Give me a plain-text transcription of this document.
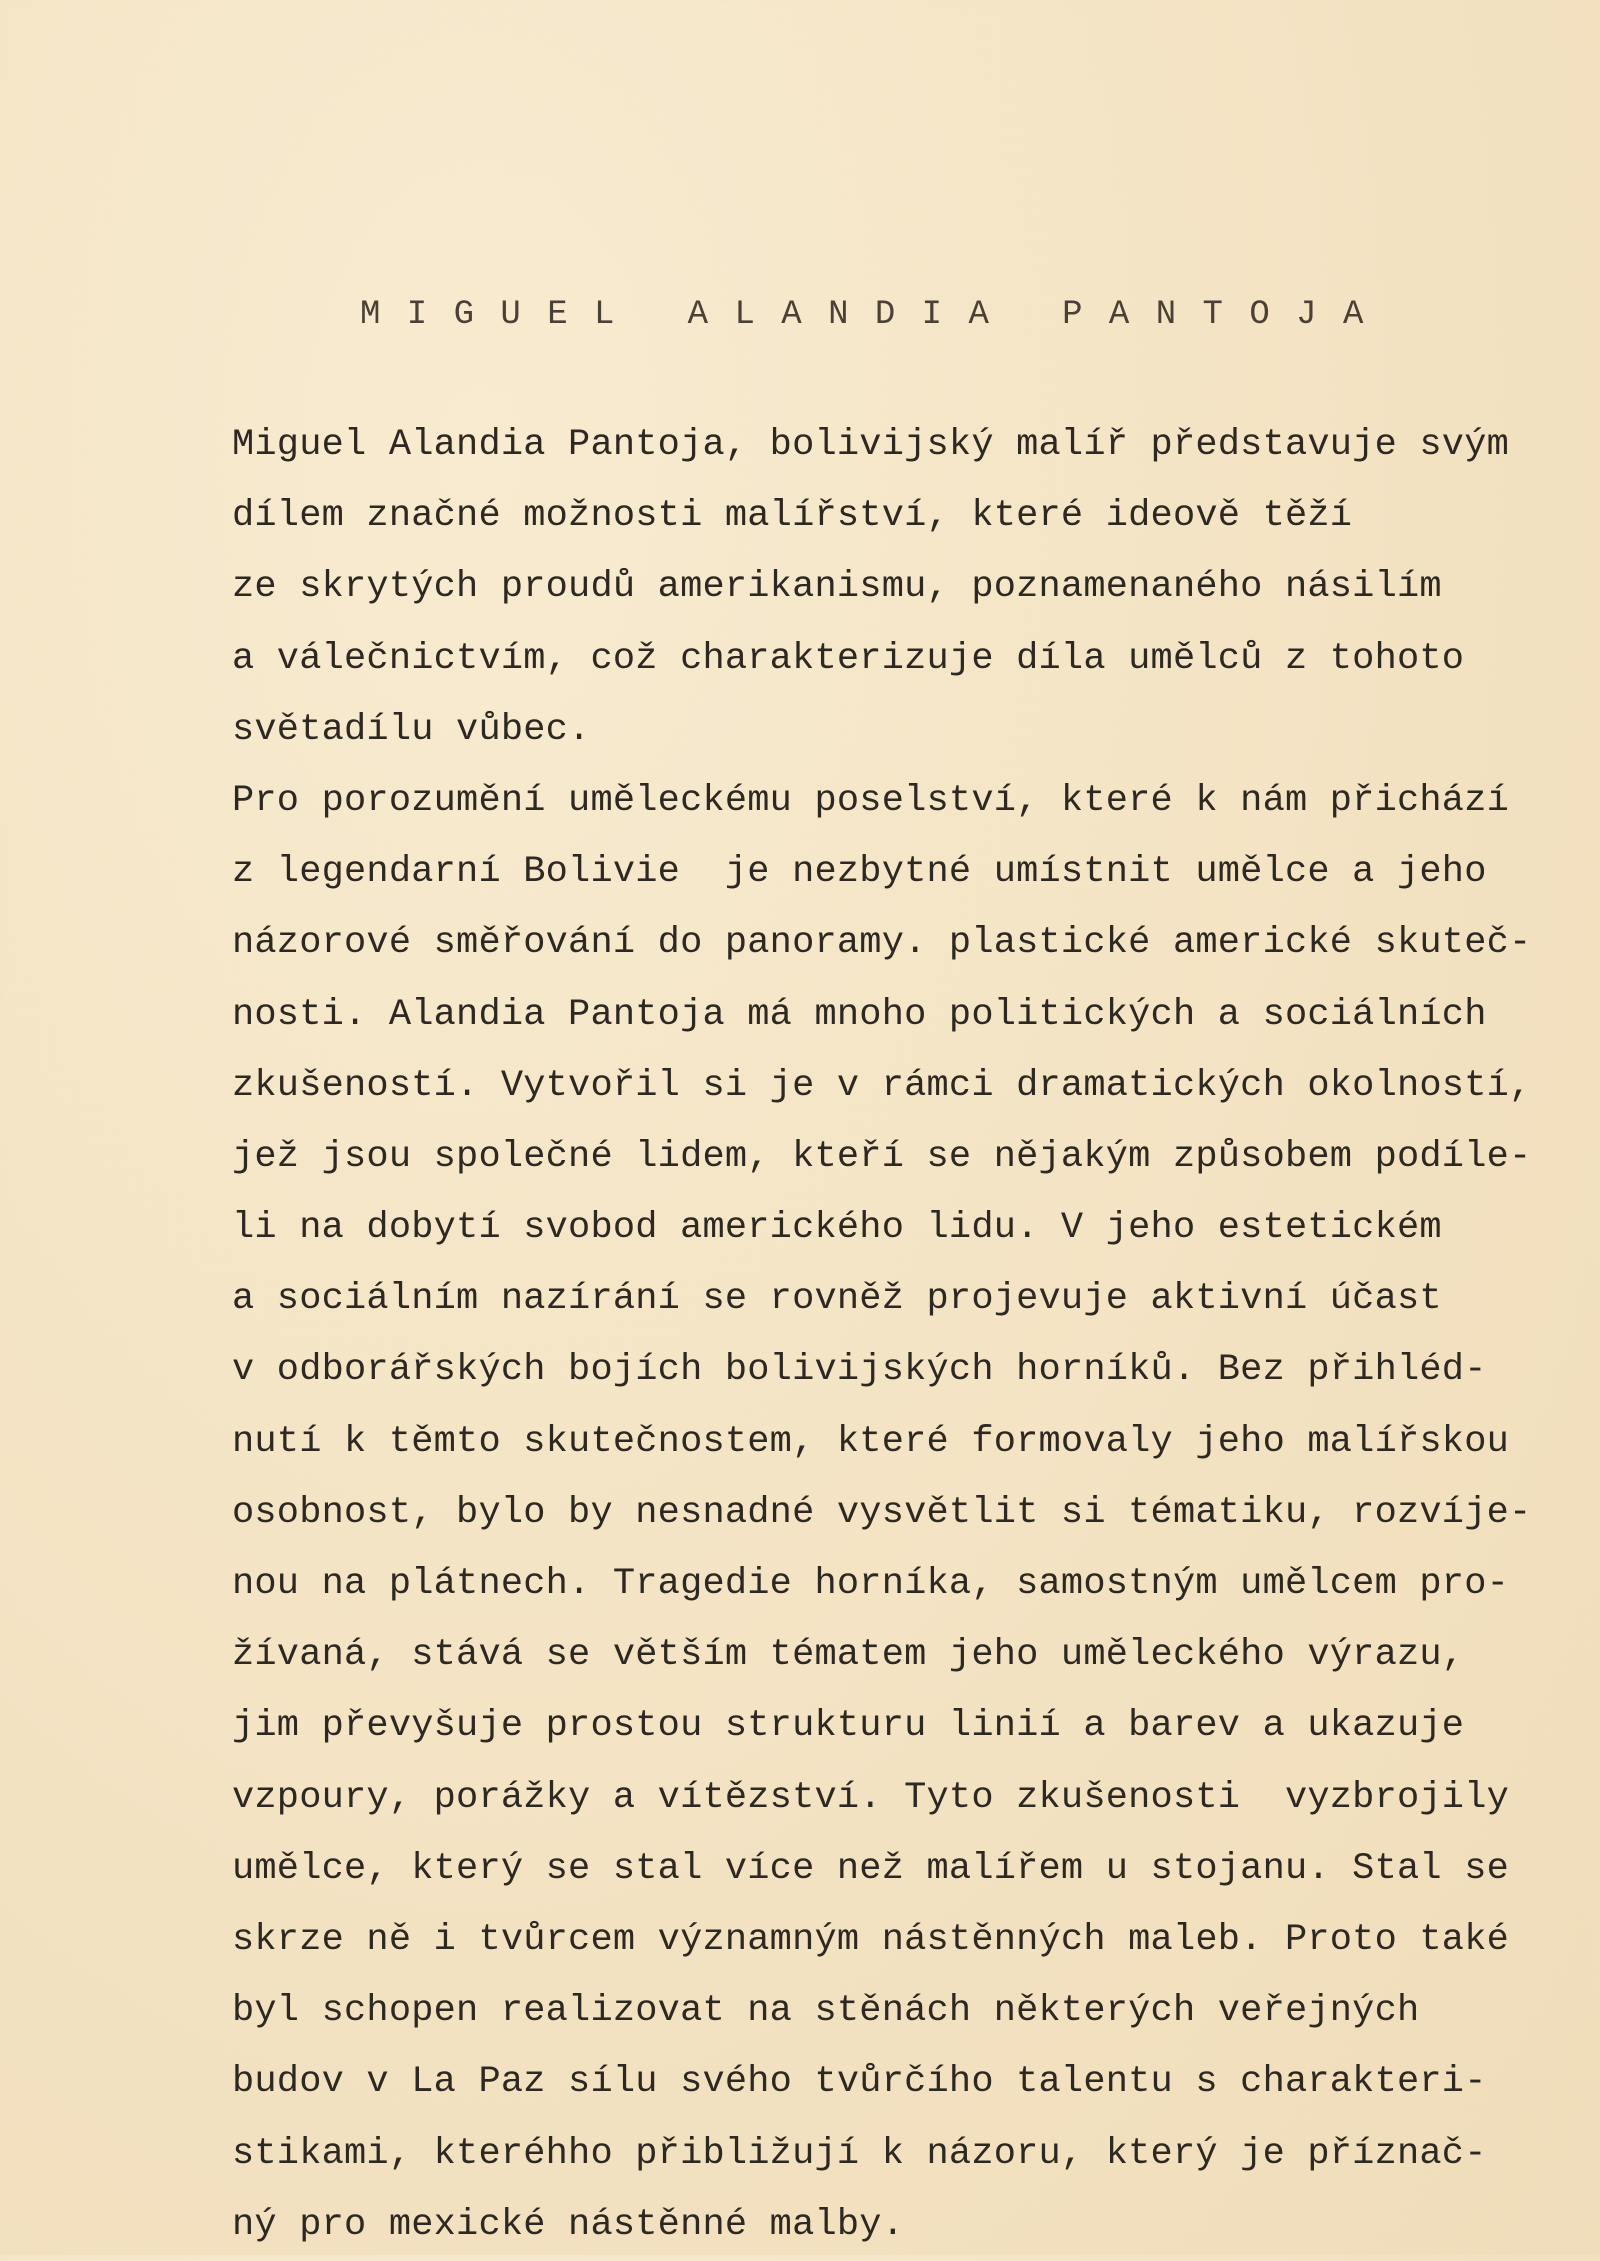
M I G U E L   A L A N D I A   P A N T O J A
Miguel Alandia Pantoja, bolivijský malíř představuje svým
dílem značné možnosti malířství, které ideově těží
ze skrytých proudů amerikanismu, poznamenaného násilím
a válečnictvím, což charakterizuje díla umělců z tohoto
světadílu vůbec.
Pro porozumění uměleckému poselství, které k nám přichází
z legendarní Bolivie  je nezbytné umístnit umělce a jeho
názorové směřování do panoramy. plastické americké skuteč-
nosti. Alandia Pantoja má mnoho politických a sociálních
zkušeností. Vytvořil si je v rámci dramatických okolností,
jež jsou společné lidem, kteří se nějakým způsobem podíle-
li na dobytí svobod amerického lidu. V jeho estetickém
a sociálním nazírání se rovněž projevuje aktivní účast
v odborářských bojích bolivijských horníků. Bez přihléd-
nutí k těmto skutečnostem, které formovaly jeho malířskou
osobnost, bylo by nesnadné vysvětlit si tématiku, rozvíje-
nou na plátnech. Tragedie horníka, samostným umělcem pro-
žívaná, stává se větším tématem jeho uměleckého výrazu,
jim převyšuje prostou strukturu linií a barev a ukazuje
vzpoury, porážky a vítězství. Tyto zkušenosti  vyzbrojily
umělce, který se stal více než malířem u stojanu. Stal se
skrze ně i tvůrcem významným nástěnných maleb. Proto také
byl schopen realizovat na stěnách některých veřejných
budov v La Paz sílu svého tvůrčího talentu s charakteri-
stikami, kteréhho přibližují k názoru, který je příznač-
ný pro mexické nástěnné malby.
